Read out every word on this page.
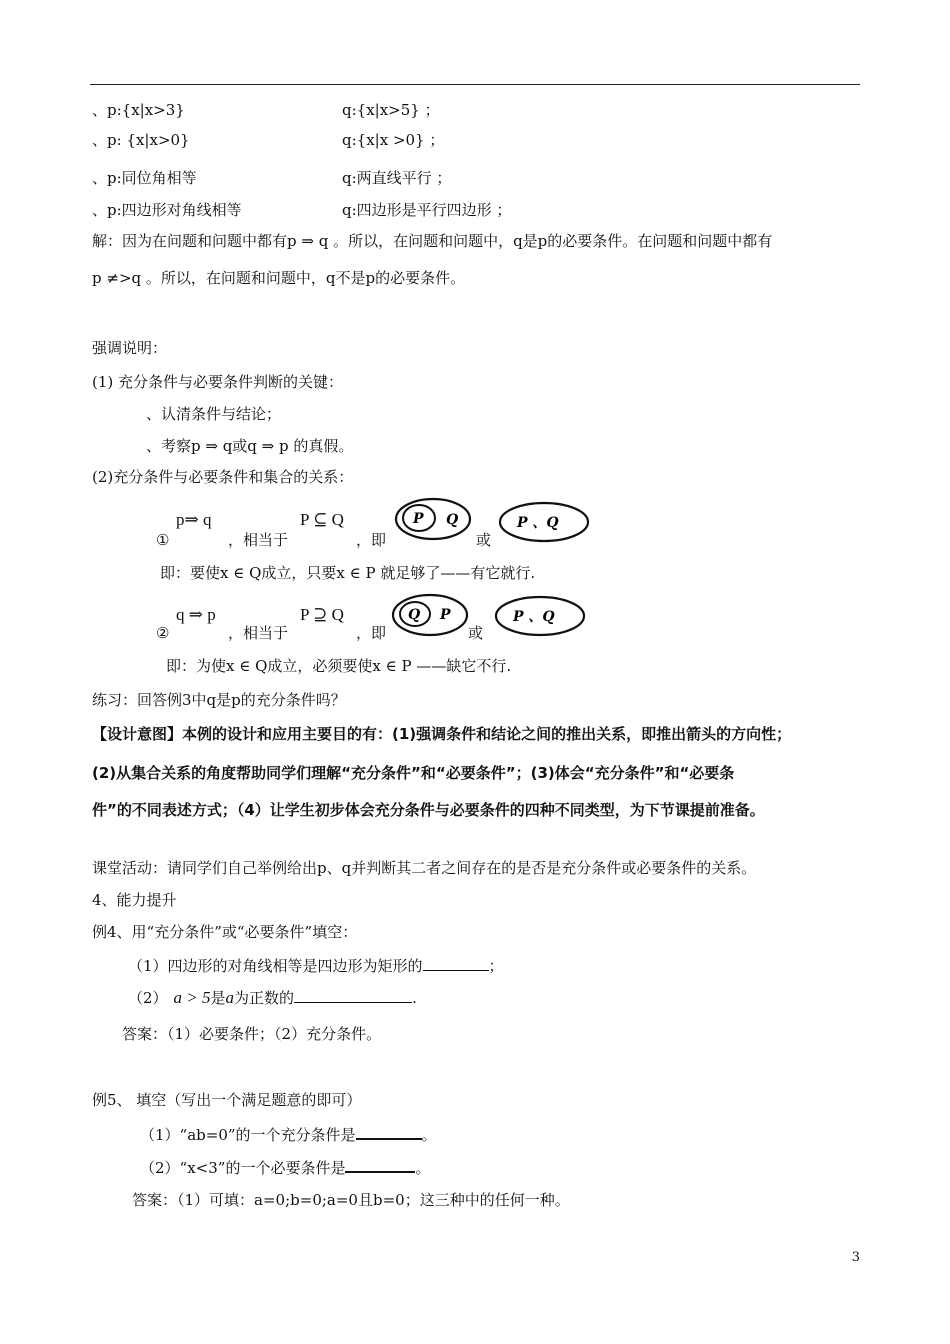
、p:{x|x>3}	q:{x|x>5} ；
、p: {x|x>0}	q:{x|x >0} ；
、p:同位角相等	q:两直线平行 ；
、p:四边形对角线相等	q:四边形是平行四边形 ；
解：因为在问题和问题中都有p ⇒ q 。所以，在问题和问题中，q是p的必要条件。在问题和问题中都有
p ≠>q 。所以，在问题和问题中，q不是p的必要条件。
强调说明：
(1) 充分条件与必要条件判断的关键：
、认清条件与结论；
、考察p ⇒ q或q ⇒ p 的真假。
(2)充分条件与必要条件和集合的关系：
p⇒ q
①	，相当于
P ⊆ Q
，即	或
P Q	P 、Q
即：要使x ∈ Q成立，只要x ∈ P 就足够了——有它就行.
q ⇒ p
②	，相当于
P ⊇ Q
，即	或
Q P	P 、Q
即：为使x ∈ Q成立，必须要使x ∈ P ——缺它不行.
练习：回答例3中q是p的充分条件吗？
【设计意图】本例的设计和应用主要目的有：(1)强调条件和结论之间的推出关系，即推出箭头的方向性；
(2)从集合关系的角度帮助同学们理解“充分条件”和“必要条件”；(3)体会“充分条件”和“必要条
件”的不同表述方式；（4）让学生初步体会充分条件与必要条件的四种不同类型，为下节课提前准备。
课堂活动：请同学们自己举例给出p、q并判断其二者之间存在的是否是充分条件或必要条件的关系。
4、能力提升
例4、用“充分条件”或“必要条件”填空：
（1）四边形的对角线相等是四边形为矩形的	；
（2） a > 5是a为正数的	.
答案：（1）必要条件；（2）充分条件。
例5、 填空（写出一个满足题意的即可）
（1）“ab=0”的一个充分条件是	。
（2）“x<3”的一个必要条件是	。
答案：（1）可填：a=0;b=0;a=0且b=0；这三种中的任何一种。
3
